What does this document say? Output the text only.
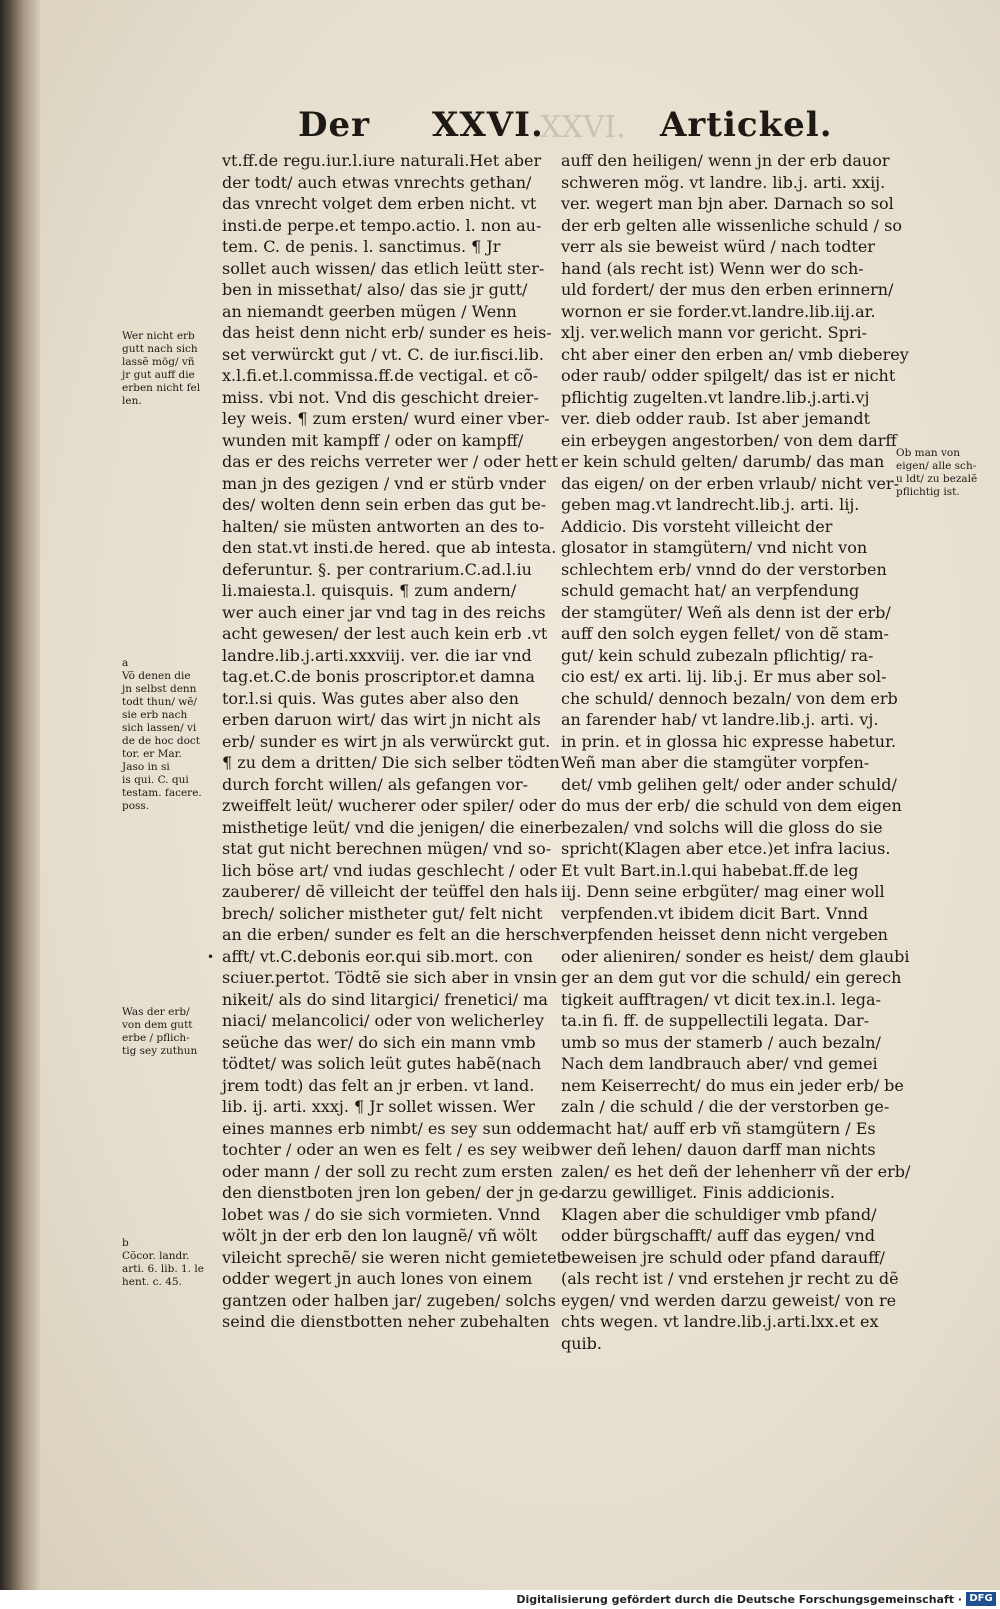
XXVI.
Der XXVI.	Artickel.
Wer nicht erb
gutt nach sich
lassẽ mög/ vñ
jr gut auff die
erben nicht fel
len.
a
Võ denen die
jn selbst denn
todt thun/ wẽ/
sie erb nach
sich lassen/ vi
de de hoc doct
tor. er Mar.
Jaso in si
is qui. C. qui
testam. facere.
poss.
•
Was der erb/
von dem gutt
erbe / pflich-
tig sey zuthun
b
Cõcor. landr.
arti. 6. lib. 1. le
hent. c. 45.
Ob man von
eigen/ alle sch-
u ldt/ zu bezalẽ
pflichtig ist.
vt.ff.de regu.iur.l.iure naturali.Het aber
der todt/ auch etwas vnrechts gethan/
das vnrecht volget dem erben nicht. vt
insti.de perpe.et tempo.actio. l. non au-
tem. C. de penis. l. sanctimus. ¶ Jr
sollet auch wissen/ das etlich leütt ster-
ben in missethat/ also/ das sie jr gutt/
an niemandt geerben mügen / Wenn
das heist denn nicht erb/ sunder es heis-
set verwürckt gut / vt. C. de iur.fisci.lib.
x.l.fi.et.l.commissa.ff.de vectigal. et cõ-
miss. vbi not. Vnd dis geschicht dreier-
ley weis. ¶ zum ersten/ wurd einer vber-
wunden mit kampff / oder on kampff/
das er des reichs verreter wer / oder hett
man jn des gezigen / vnd er stürb vnder
des/ wolten denn sein erben das gut be-
halten/ sie müsten antworten an des to-
den stat.vt insti.de hered. que ab intesta.
deferuntur. §. per contrarium.C.ad.l.iu
li.maiesta.l. quisquis. ¶ zum andern/
wer auch einer jar vnd tag in des reichs
acht gewesen/ der lest auch kein erb .vt
landre.lib.j.arti.xxxviij. ver. die iar vnd
tag.et.C.de bonis proscriptor.et damna
tor.l.si quis. Was gutes aber also den
erben daruon wirt/ das wirt jn nicht als
erb/ sunder es wirt jn als verwürckt gut.
¶ zu dem a dritten/ Die sich selber tödten
durch forcht willen/ als gefangen vor-
zweiffelt leüt/ wucherer oder spiler/ oder
misthetige leüt/ vnd die jenigen/ die einer
stat gut nicht berechnen mügen/ vnd so-
lich böse art/ vnd iudas geschlecht / oder
zauberer/ dẽ villeicht der teüffel den hals
brech/ solicher mistheter gut/ felt nicht
an die erben/ sunder es felt an die hersch-
afft/ vt.C.debonis eor.qui sib.mort. con
sciuer.pertot. Tödtẽ sie sich aber in vnsin
nikeit/ als do sind litargici/ frenetici/ ma
niaci/ melancolici/ oder von welicherley
seüche das wer/ do sich ein mann vmb
tödtet/ was solich leüt gutes habẽ(nach
jrem todt) das felt an jr erben. vt land.
lib. ij. arti. xxxj. ¶ Jr sollet wissen. Wer
eines mannes erb nimbt/ es sey sun odder
tochter / oder an wen es felt / es sey weib
oder mann / der soll zu recht zum ersten
den dienstboten jren lon geben/ der jn ge-
lobet was / do sie sich vormieten. Vnnd
wölt jn der erb den lon laugnẽ/ vñ wölt
vileicht sprechẽ/ sie weren nicht gemietet
odder wegert jn auch lones von einem
gantzen oder halben jar/ zugeben/ solchs
seind die dienstbotten neher zubehalten
auff den heiligen/ wenn jn der erb dauor
schweren mög. vt landre. lib.j. arti. xxij.
ver. wegert man bjn aber. Darnach so sol
der erb gelten alle wissenliche schuld / so
verr als sie beweist würd / nach todter
hand (als recht ist) Wenn wer do sch-
uld fordert/ der mus den erben erinnern/
wornon er sie forder.vt.landre.lib.iij.ar.
xlj. ver.welich mann vor gericht. Spri-
cht aber einer den erben an/ vmb dieberey
oder raub/ odder spilgelt/ das ist er nicht
pflichtig zugelten.vt landre.lib.j.arti.vj
ver. dieb odder raub. Ist aber jemandt
ein erbeygen angestorben/ von dem darff
er kein schuld gelten/ darumb/ das man
das eigen/ on der erben vrlaub/ nicht ver-
geben mag.vt landrecht.lib.j. arti. lij.
Addicio. Dis vorsteht villeicht der
glosator in stamgütern/ vnd nicht von
schlechtem erb/ vnnd do der verstorben
schuld gemacht hat/ an verpfendung
der stamgüter/ Weñ als denn ist der erb/
auff den solch eygen fellet/ von dẽ stam-
gut/ kein schuld zubezaln pflichtig/ ra-
cio est/ ex arti. lij. lib.j. Er mus aber sol-
che schuld/ dennoch bezaln/ von dem erb
an farender hab/ vt landre.lib.j. arti. vj.
in prin. et in glossa hic expresse habetur.
Weñ man aber die stamgüter vorpfen-
det/ vmb gelihen gelt/ oder ander schuld/
do mus der erb/ die schuld von dem eigen
bezalen/ vnd solchs will die gloss do sie
spricht(Klagen aber etce.)et infra lacius.
Et vult Bart.in.l.qui habebat.ff.de leg
iij. Denn seine erbgüter/ mag einer woll
verpfenden.vt ibidem dicit Bart. Vnnd
verpfenden heisset denn nicht vergeben
oder alieniren/ sonder es heist/ dem glaubi
ger an dem gut vor die schuld/ ein gerech
tigkeit aufftragen/ vt dicit tex.in.l. lega-
ta.in fi. ff. de suppellectili legata. Dar-
umb so mus der stamerb / auch bezaln/
Nach dem landbrauch aber/ vnd gemei
nem Keiserrecht/ do mus ein jeder erb/ be
zaln / die schuld / die der verstorben ge-
macht hat/ auff erb vñ stamgütern / Es
wer deñ lehen/ dauon darff man nichts
zalen/ es het deñ der lehenherr vñ der erb/
darzu gewilliget. Finis addicionis.
Klagen aber die schuldiger vmb pfand/
odder bürgschafft/ auff das eygen/ vnd
beweisen jre schuld oder pfand darauff/
(als recht ist / vnd erstehen jr recht zu dẽ
eygen/ vnd werden darzu geweist/ von re
chts wegen. vt landre.lib.j.arti.lxx.et ex
quib.
Digitalisierung gefördert durch die Deutsche Forschungsgemeinschaft · DFG
